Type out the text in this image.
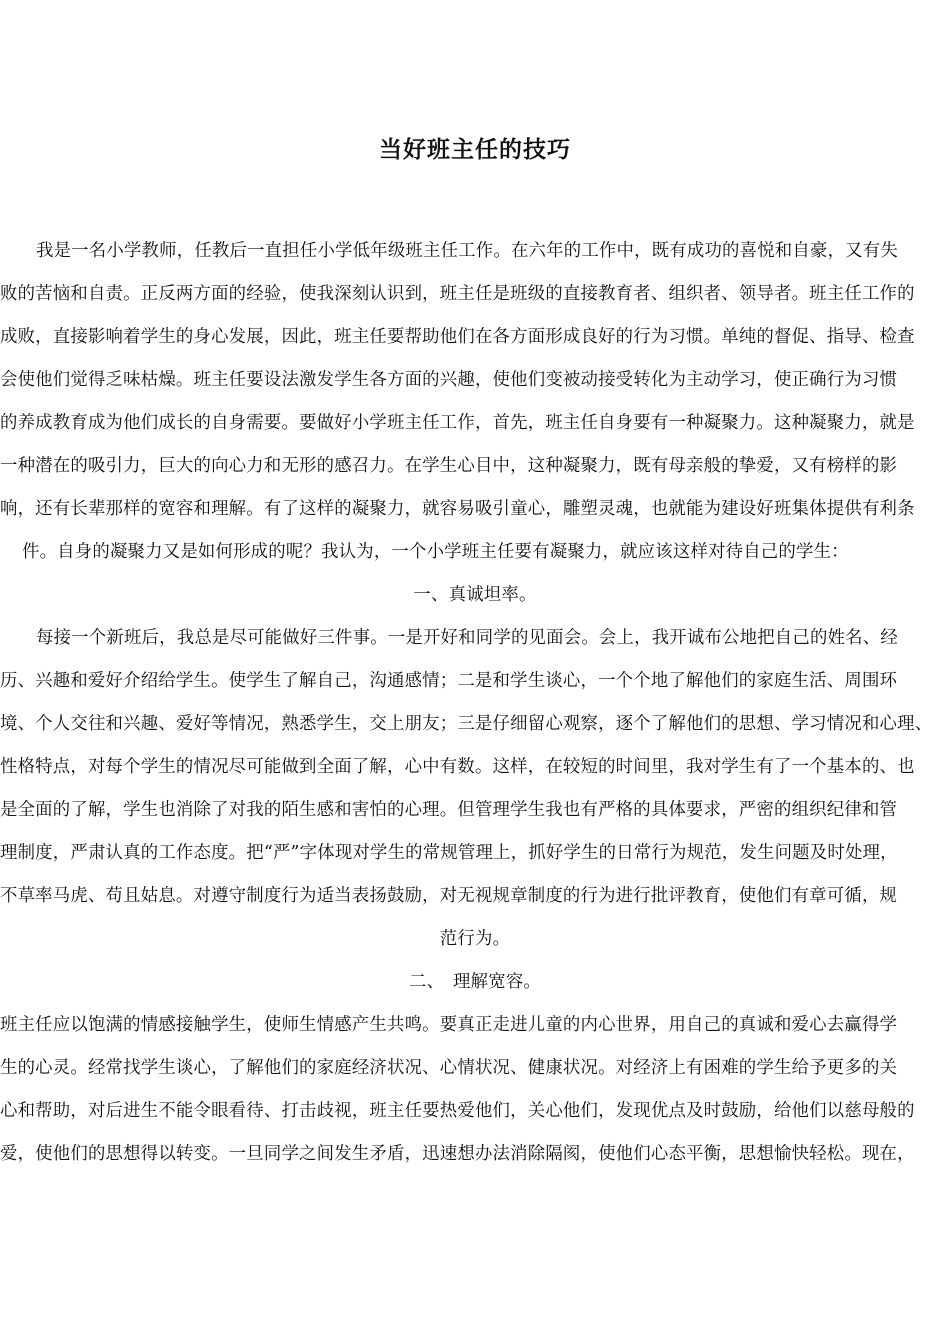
当好班主任的技巧
我是一名小学教师，任教后一直担任小学低年级班主任工作。在六年的工作中，既有成功的喜悦和自豪，又有失
败的苦恼和自责。正反两方面的经验，使我深刻认识到，班主任是班级的直接教育者、组织者、领导者。班主任工作的
成败，直接影响着学生的身心发展，因此，班主任要帮助他们在各方面形成良好的行为习惯。单纯的督促、指导、检查
会使他们觉得乏味枯燥。班主任要设法激发学生各方面的兴趣，使他们变被动接受转化为主动学习，使正确行为习惯
的养成教育成为他们成长的自身需要。要做好小学班主任工作，首先，班主任自身要有一种凝聚力。这种凝聚力，就是
一种潜在的吸引力，巨大的向心力和无形的感召力。在学生心目中，这种凝聚力，既有母亲般的挚爱，又有榜样的影
响，还有长辈那样的宽容和理解。有了这样的凝聚力，就容易吸引童心，雕塑灵魂，也就能为建设好班集体提供有利条
件。自身的凝聚力又是如何形成的呢？我认为，一个小学班主任要有凝聚力，就应该这样对待自己的学生：
一、真诚坦率。
每接一个新班后，我总是尽可能做好三件事。一是开好和同学的见面会。会上，我开诚布公地把自己的姓名、经
历、兴趣和爱好介绍给学生。使学生了解自己，沟通感情；二是和学生谈心，一个个地了解他们的家庭生活、周围环
境、个人交往和兴趣、爱好等情况，熟悉学生，交上朋友；三是仔细留心观察，逐个了解他们的思想、学习情况和心理、
性格特点，对每个学生的情况尽可能做到全面了解，心中有数。这样，在较短的时间里，我对学生有了一个基本的、也
是全面的了解，学生也消除了对我的陌生感和害怕的心理。但管理学生我也有严格的具体要求，严密的组织纪律和管
理制度，严肃认真的工作态度。把“严”字体现对学生的常规管理上，抓好学生的日常行为规范，发生问题及时处理，
不草率马虎、苟且姑息。对遵守制度行为适当表扬鼓励，对无视规章制度的行为进行批评教育，使他们有章可循，规
范行为。
二、　理解宽容。
班主任应以饱满的情感接触学生，使师生情感产生共鸣。要真正走进儿童的内心世界，用自己的真诚和爱心去赢得学
生的心灵。经常找学生谈心，了解他们的家庭经济状况、心情状况、健康状况。对经济上有困难的学生给予更多的关
心和帮助，对后进生不能令眼看待、打击歧视，班主任要热爱他们，关心他们，发现优点及时鼓励，给他们以慈母般的
爱，使他们的思想得以转变。一旦同学之间发生矛盾，迅速想办法消除隔阂，使他们心态平衡，思想愉快轻松。现在，
